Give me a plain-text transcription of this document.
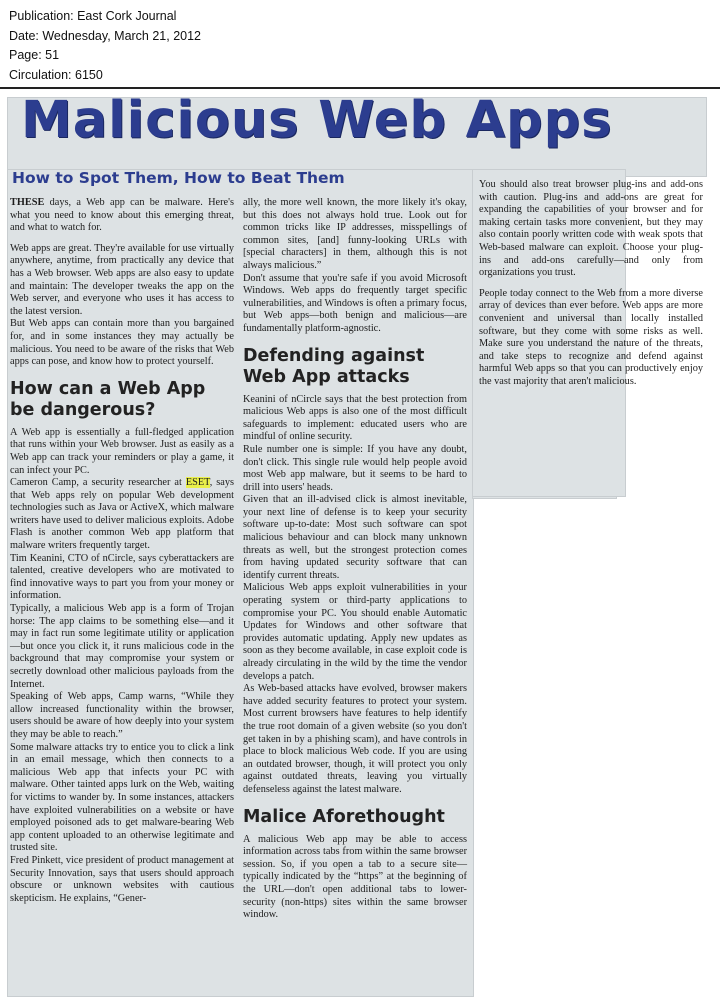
Publication: East Cork Journal
Date: Wednesday, March 21, 2012
Page: 51
Circulation: 6150
Malicious Web Apps
How to Spot Them, How to Beat Them

THESE days, a Web app can be malware. Here's what you need to know about this emerging threat, and what to watch for.

Web apps are great. They're available for use virtually anywhere, anytime, from practically any device that has a Web browser. Web apps are also easy to update and maintain: The developer tweaks the app on the Web server, and everyone who uses it has access to the latest version.

But Web apps can contain more than you bargained for, and in some instances they may actually be malicious. You need to be aware of the risks that Web apps can pose, and know how to protect yourself.

How can a Web App be dangerous?

A Web app is essentially a full-fledged application that runs within your Web browser. Just as easily as a Web app can track your reminders or play a game, it can infect your PC.

Cameron Camp, a security researcher at ESET, says that Web apps rely on popular Web development technologies such as Java or ActiveX, which malware writers have used to deliver malicious exploits. Adobe Flash is another common Web app platform that malware writers frequently target.

Tim Keanini, CTO of nCircle, says cyberattackers are talented, creative developers who are motivated to find innovative ways to part you from your money or information.

Typically, a malicious Web app is a form of Trojan horse: The app claims to be something else—and it may in fact run some legitimate utility or application—but once you click it, it runs malicious code in the background that may compromise your system or secretly download other malicious payloads from the Internet.

Speaking of Web apps, Camp warns, “While they allow increased functionality within the browser, users should be aware of how deeply into your system they may be able to reach.”

Some malware attacks try to entice you to click a link in an email message, which then connects to a malicious Web app that infects your PC with malware. Other tainted apps lurk on the Web, waiting for victims to wander by. In some instances, attackers have exploited vulnerabilities on a website or have employed poisoned ads to get malware-bearing Web app content uploaded to an otherwise legitimate and trusted site.

Fred Pinkett, vice president of product management at Security Innovation, says that users should approach obscure or unknown websites with cautious skepticism. He explains, “Gener-

ally, the more well known, the more likely it's okay, but this does not always hold true. Look out for common tricks like IP addresses, misspellings of common sites, [and] funny-looking URLs with [special characters] in them, although this is not always malicious.”

Don't assume that you're safe if you avoid Microsoft Windows. Web apps do frequently target specific vulnerabilities, and Windows is often a primary focus, but Web apps—both benign and malicious—are fundamentally platform-agnostic.

Defending against Web App attacks

Keanini of nCircle says that the best protection from malicious Web apps is also one of the most difficult safeguards to implement: educated users who are mindful of online security.

Rule number one is simple: If you have any doubt, don't click. This single rule would help people avoid most Web app malware, but it seems to be hard to drill into users' heads.

Given that an ill-advised click is almost inevitable, your next line of defense is to keep your security software up-to-date: Most such software can spot malicious behaviour and can block many unknown threats as well, but the strongest protection comes from having updated security software that can identify current threats.

Malicious Web apps exploit vulnerabilities in your operating system or third-party applications to compromise your PC. You should enable Automatic Updates for Windows and other software that provides automatic updating. Apply new updates as soon as they become available, in case exploit code is already circulating in the wild by the time the vendor develops a patch.

As Web-based attacks have evolved, browser makers have added security features to protect your system. Most current browsers have features to help identify the true root domain of a given website (so you don't get taken in by a phishing scam), and have controls in place to block malicious Web code. If you are using an outdated browser, though, it will protect you only against outdated threats, leaving you virtually defenseless against the latest malware.

Malice Aforethought

A malicious Web app may be able to access information across tabs from within the same browser session. So, if you open a tab to a secure site—typically indicated by the “https” at the beginning of the URL—don't open additional tabs to lower-security (non-https) sites within the same browser window.

You should also treat browser plug-ins and add-ons with caution. Plug-ins and add-ons are great for expanding the capabilities of your browser and for making certain tasks more convenient, but they may also contain poorly written code with weak spots that Web-based malware can exploit. Choose your plug-ins and add-ons carefully—and only from organizations you trust.

People today connect to the Web from a more diverse array of devices than ever before. Web apps are more convenient and universal than locally installed software, but they come with some risks as well. Make sure you understand the nature of the threats, and take steps to recognize and defend against harmful Web apps so that you can productively enjoy the vast majority that aren't malicious.
